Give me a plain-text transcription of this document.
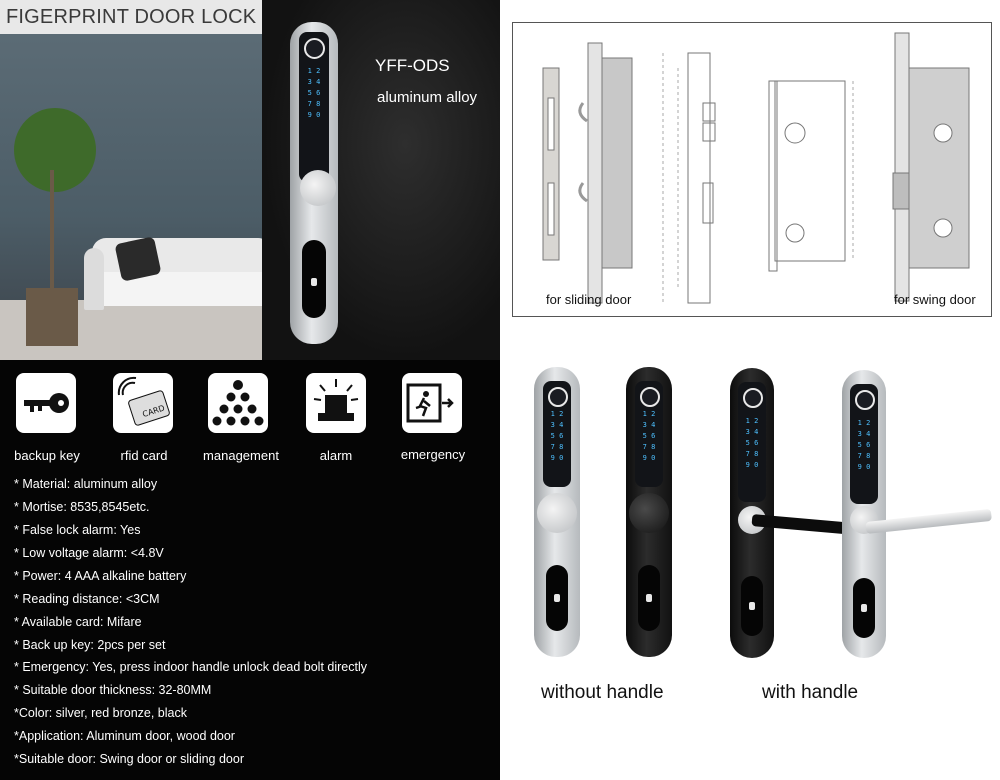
FIGERPRINT DOOR LOCK
1 2
3 4
5 6
7 8
9 0
YFF-ODS
aluminum alloy
for sliding door	for swing door
CARD
backup key	rfid card	management	alarm	emergency
* Material: aluminum alloy
* Mortise: 8535,8545etc.
* False lock alarm: Yes
* Low voltage alarm: <4.8V
* Power: 4 AAA alkaline battery
* Reading distance: <3CM
* Available card: Mifare
* Back up key: 2pcs per set
* Emergency: Yes, press indoor handle unlock dead bolt directly
* Suitable door thickness: 32-80MM
*Color: silver, red bronze, black
*Application: Aluminum door, wood door
*Suitable door: Swing door or sliding door
1 2
3 4
5 6
7 8
9 0
1 2
3 4
5 6
7 8
9 0
1 2
3 4
5 6
7 8
9 0
1 2
3 4
5 6
7 8
9 0
without handle	with handle
